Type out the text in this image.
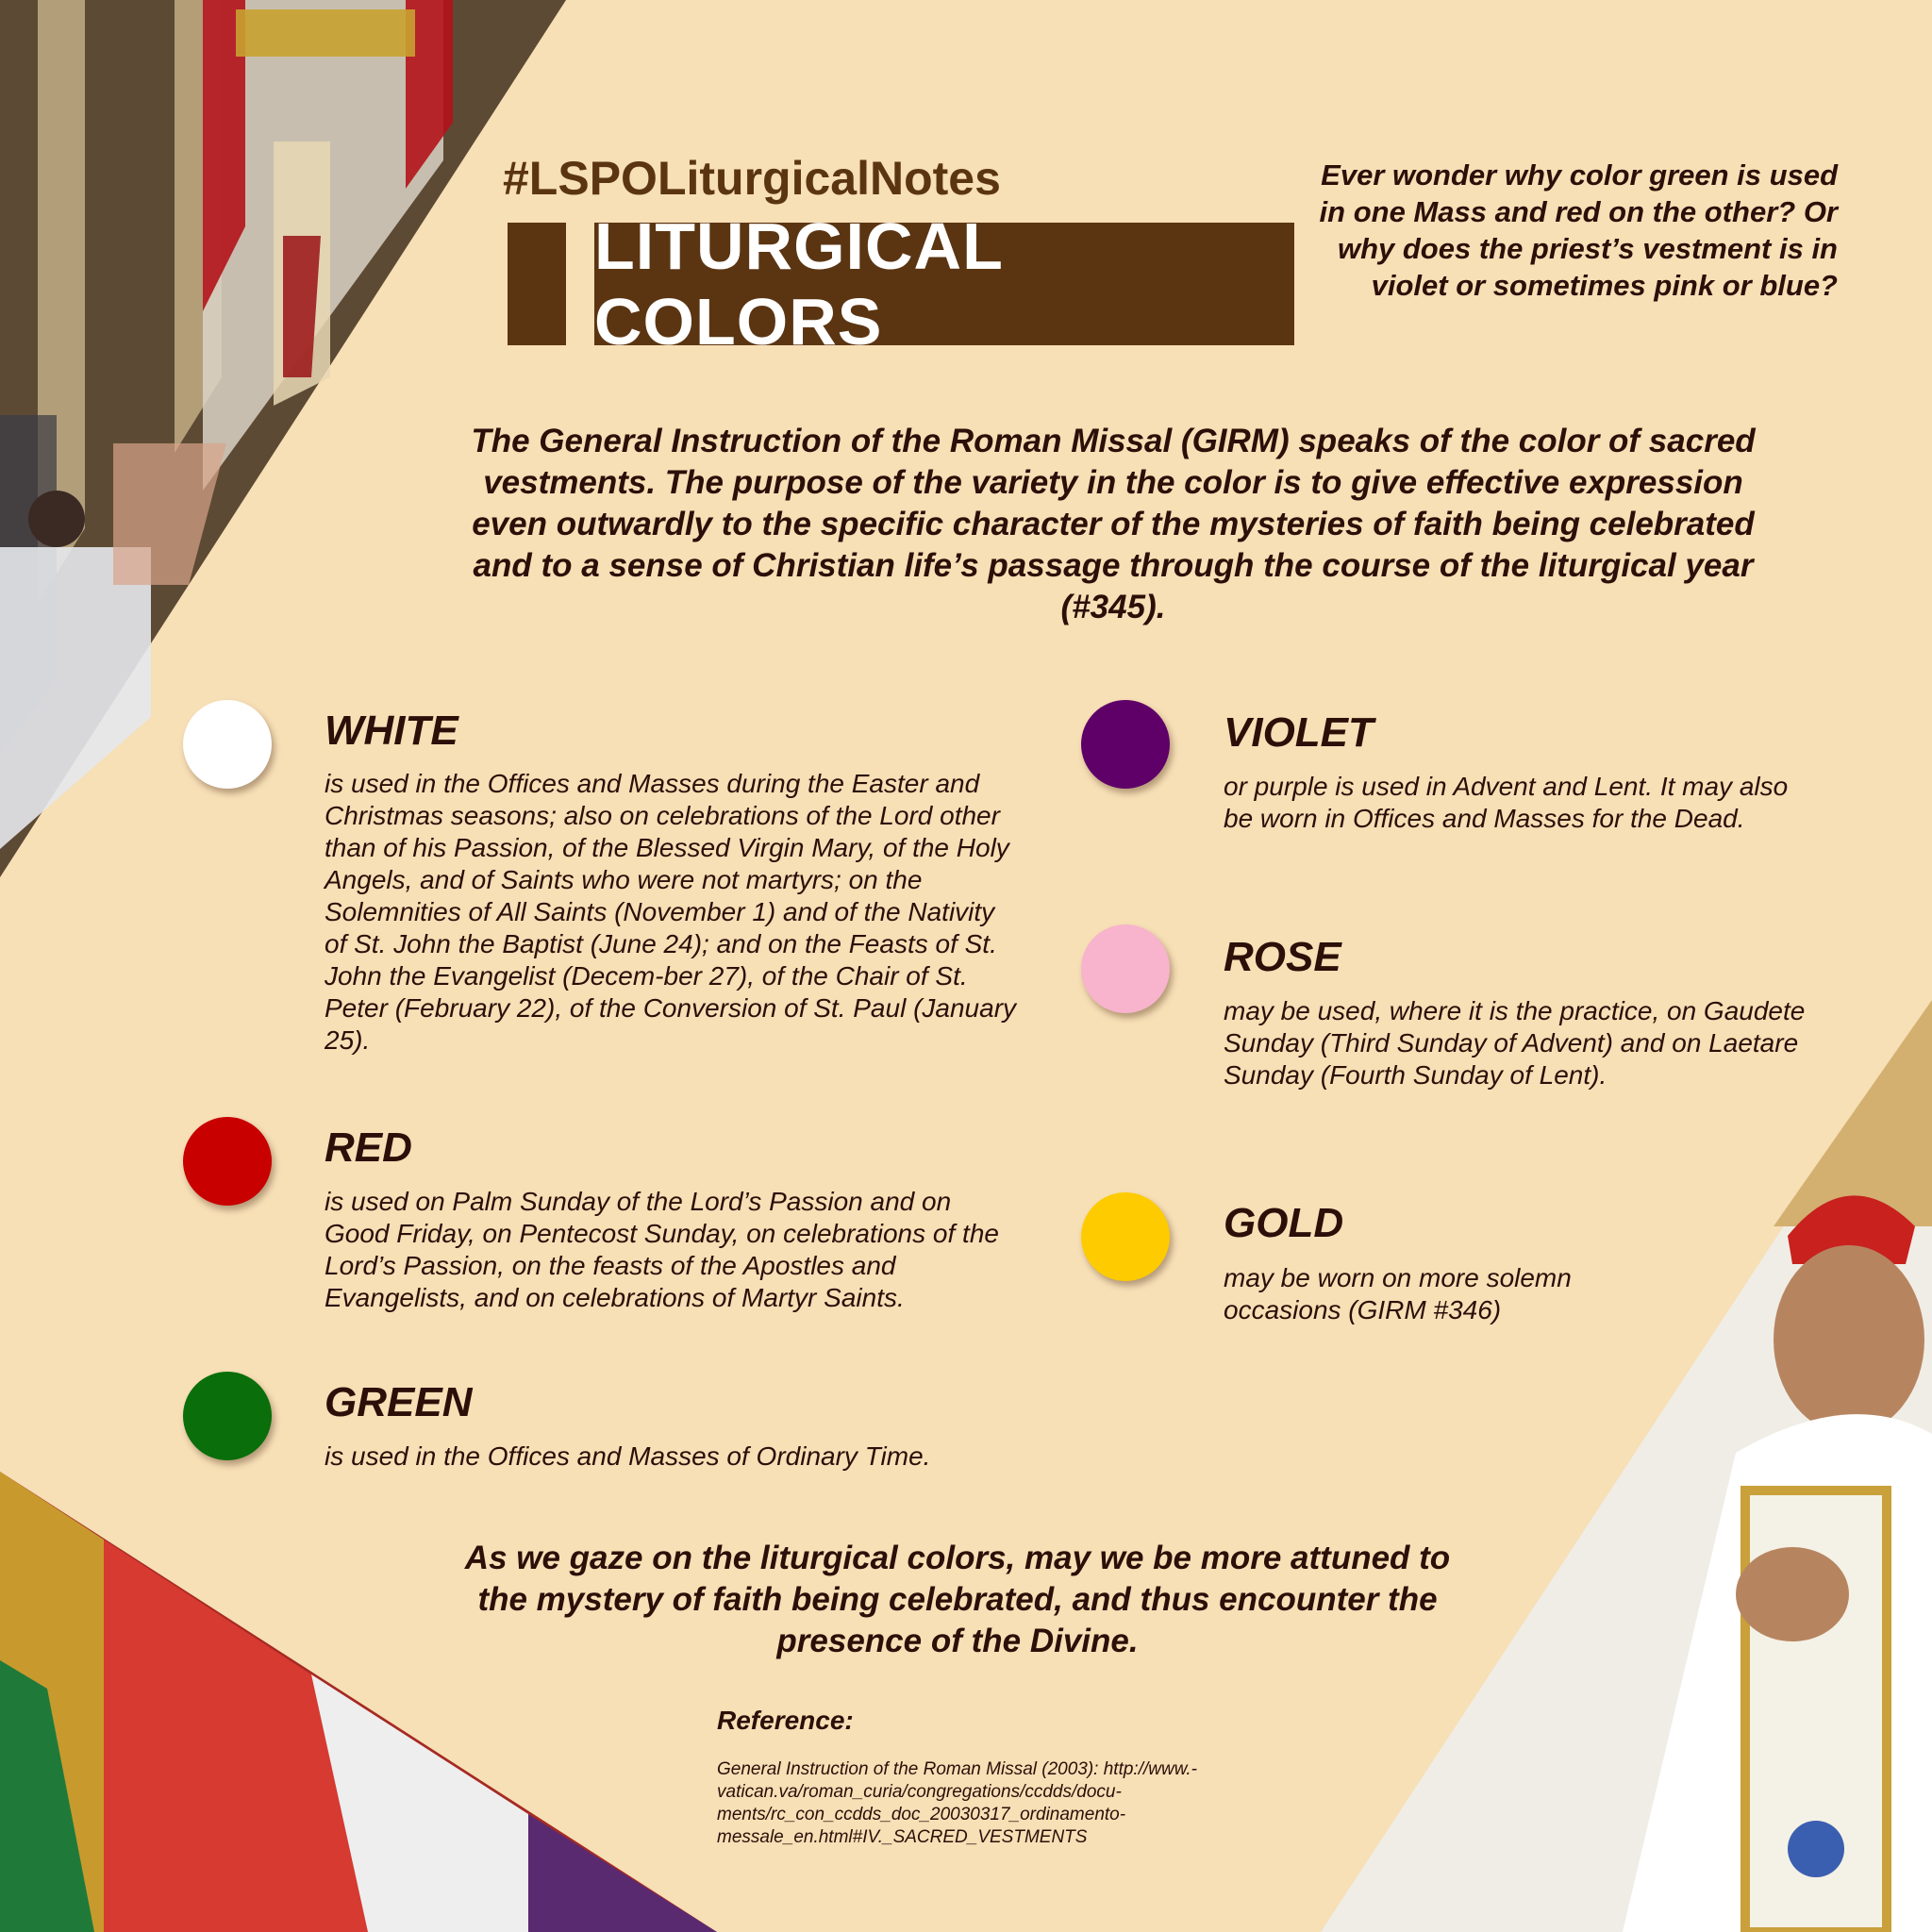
#LSPOLiturgicalNotes
LITURGICAL COLORS
Ever wonder why color green is used in one Mass and red on the other? Or why does the priest’s vestment is in violet or sometimes pink or blue?
The General Instruction of the Roman Missal (GIRM) speaks of the color of sacred vestments. The purpose of the variety in the color is to give effective expression even outwardly to the specific character of the mysteries of faith being celebrated and to a sense of Christian life’s passage through the course of the liturgical year (#345).
WHITE
is used in the Offices and Masses during the Easter and Christmas seasons; also on celebrations of the Lord other than of his Passion, of the Blessed Virgin Mary, of the Holy Angels, and of Saints who were not martyrs; on the Solemnities of All Saints (November 1) and of the Nativity of St. John the Baptist (June 24); and on the Feasts of St. John the Evangelist (Decem-ber 27), of the Chair of St. Peter (February 22), of the Conversion of St. Paul (January 25).
RED
is used on Palm Sunday of the Lord’s Passion and on Good Friday, on Pentecost Sunday, on celebrations of the Lord’s Passion, on the feasts of the Apostles and Evangelists, and on celebrations of Martyr Saints.
GREEN
is used in the Offices and Masses of Ordinary Time.
VIOLET
or purple is used in Advent and Lent. It may also be worn in Offices and Masses for the Dead.
ROSE
may be used, where it is the practice, on Gaudete Sunday (Third Sunday of Advent) and on Laetare Sunday (Fourth Sunday of Lent).
GOLD
may be worn on more solemn occasions (GIRM #346)
As we gaze on the liturgical colors, may we be more attuned to the mystery of faith being celebrated, and thus encounter the presence of the Divine.
Reference:
General Instruction of the Roman Missal (2003): http://www.-vatican.va/roman_curia/congregations/ccdds/docu-ments/rc_con_ccdds_doc_20030317_ordinamento-messale_en.html#IV._SACRED_VESTMENTS
